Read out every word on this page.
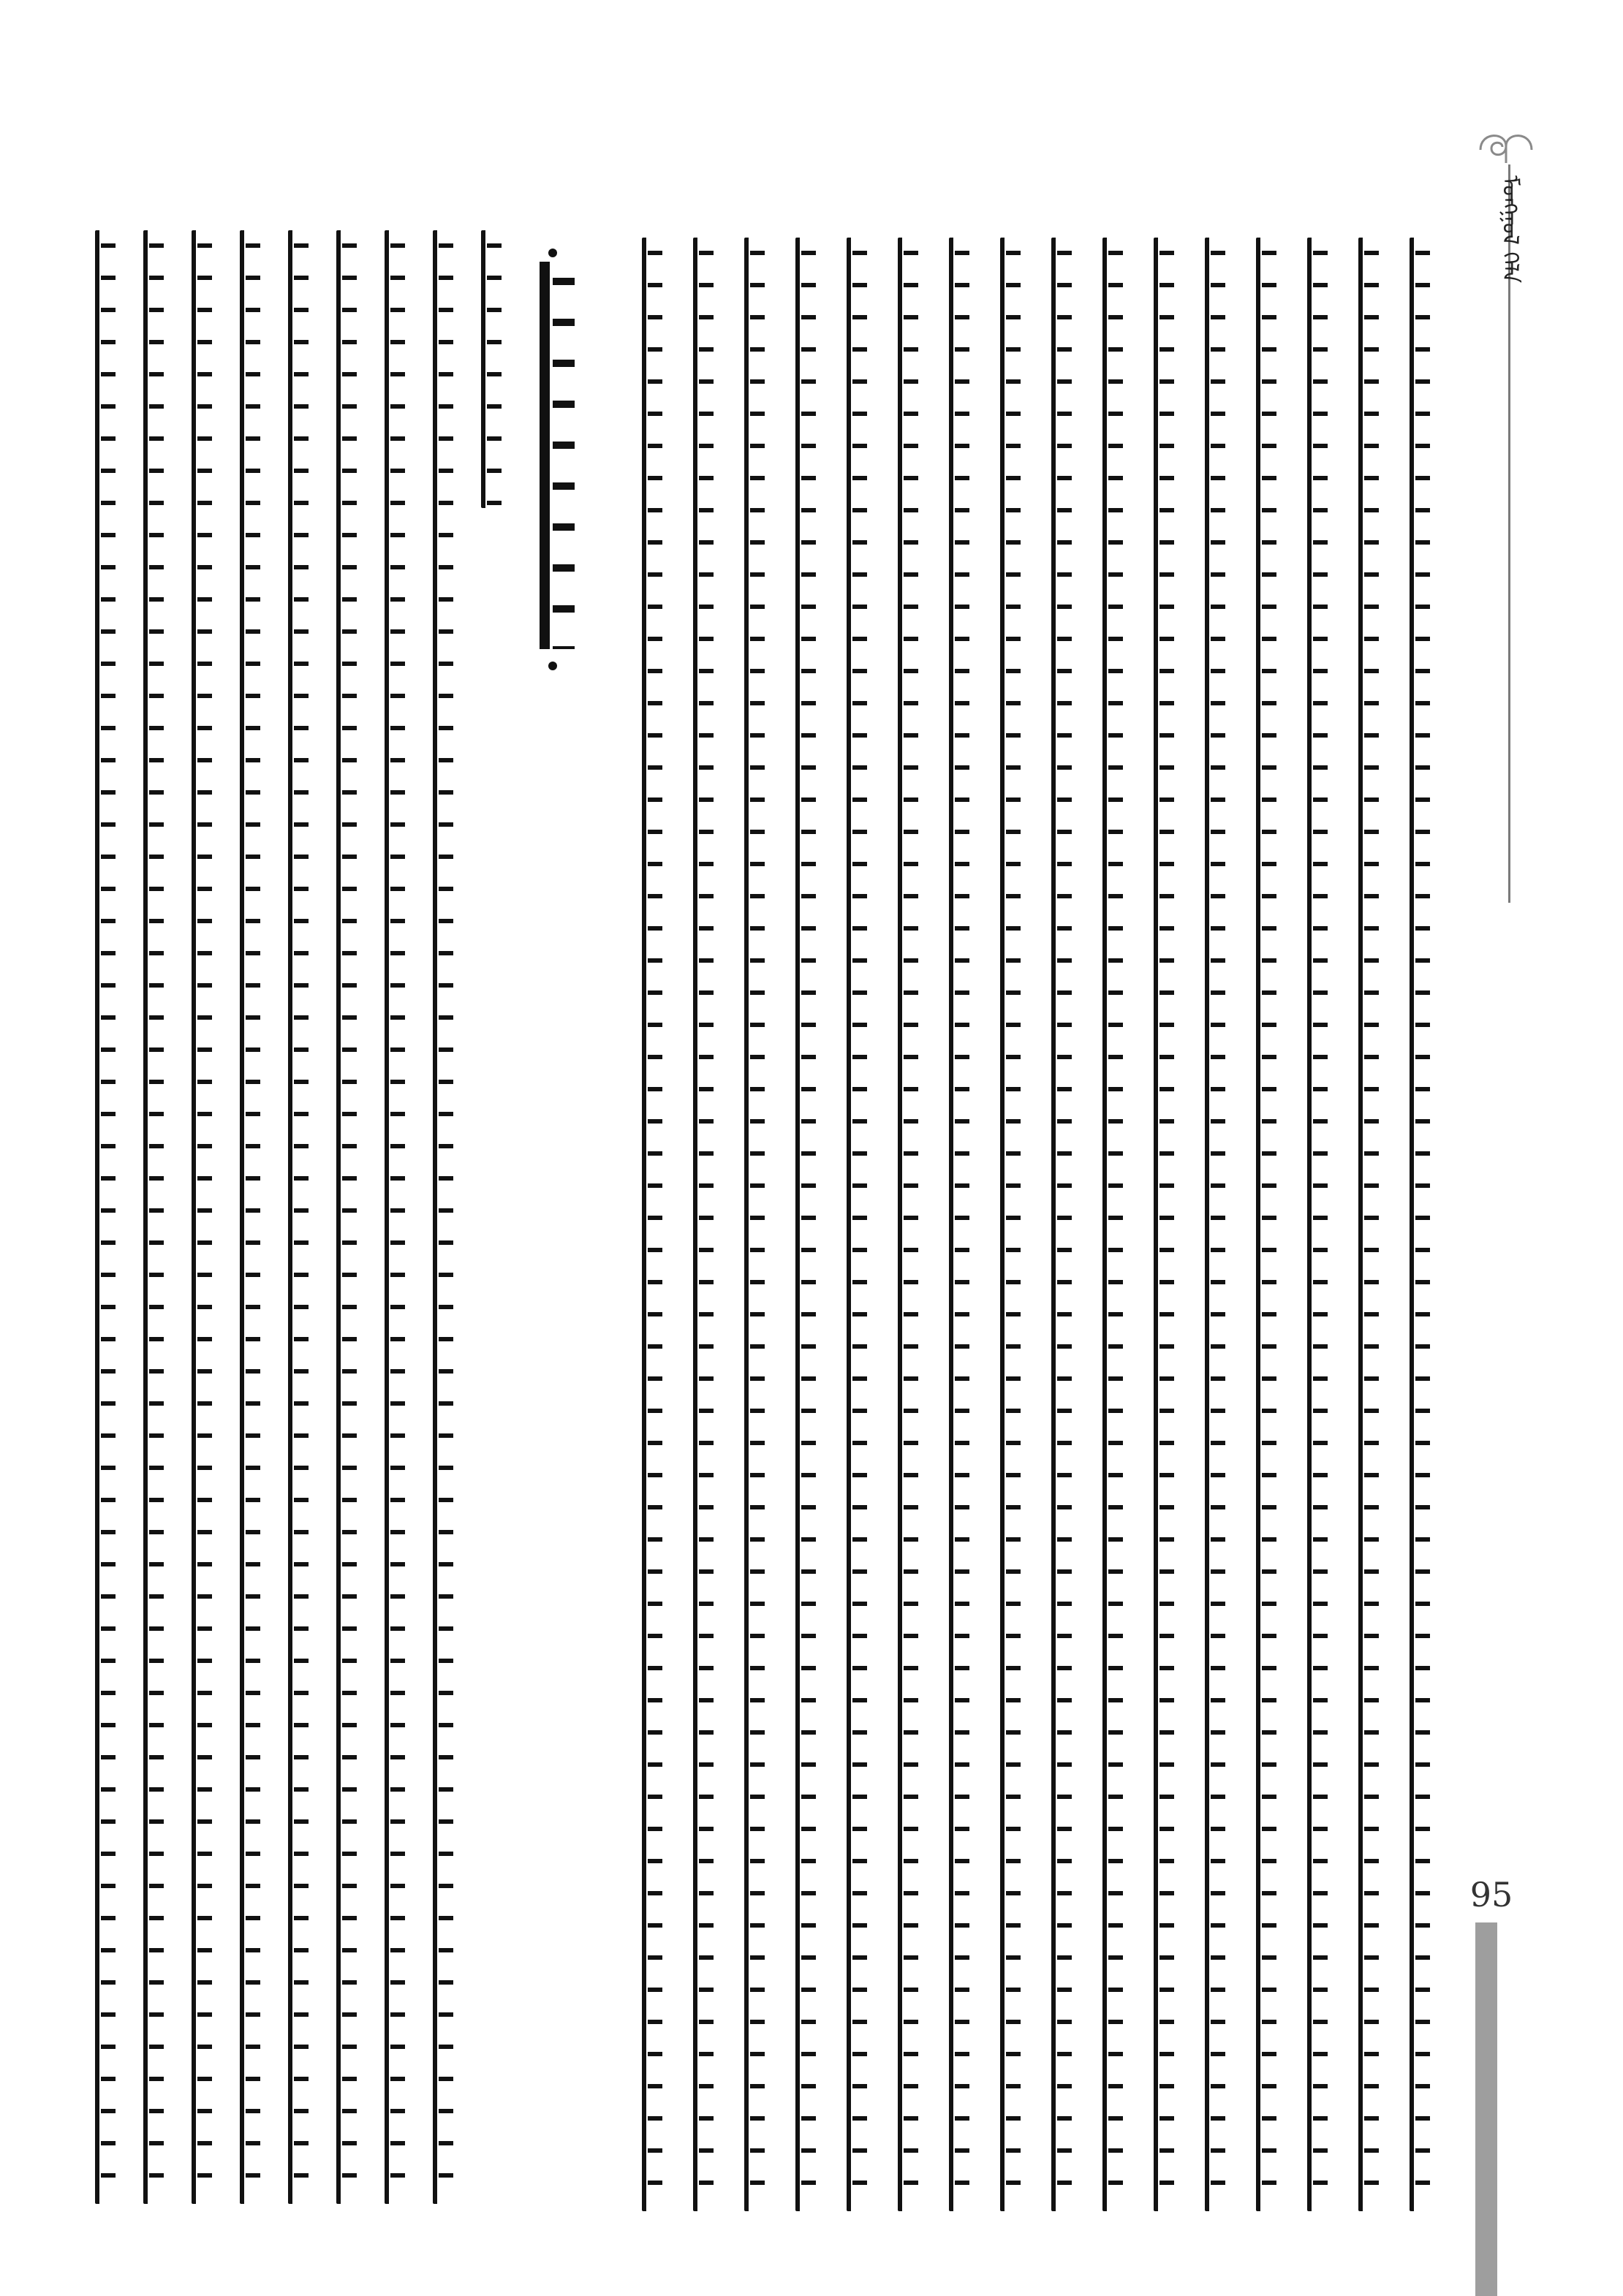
ᠮᠣᠩᠭᠣᠯ ᠬᠡᠯᠡ
95
